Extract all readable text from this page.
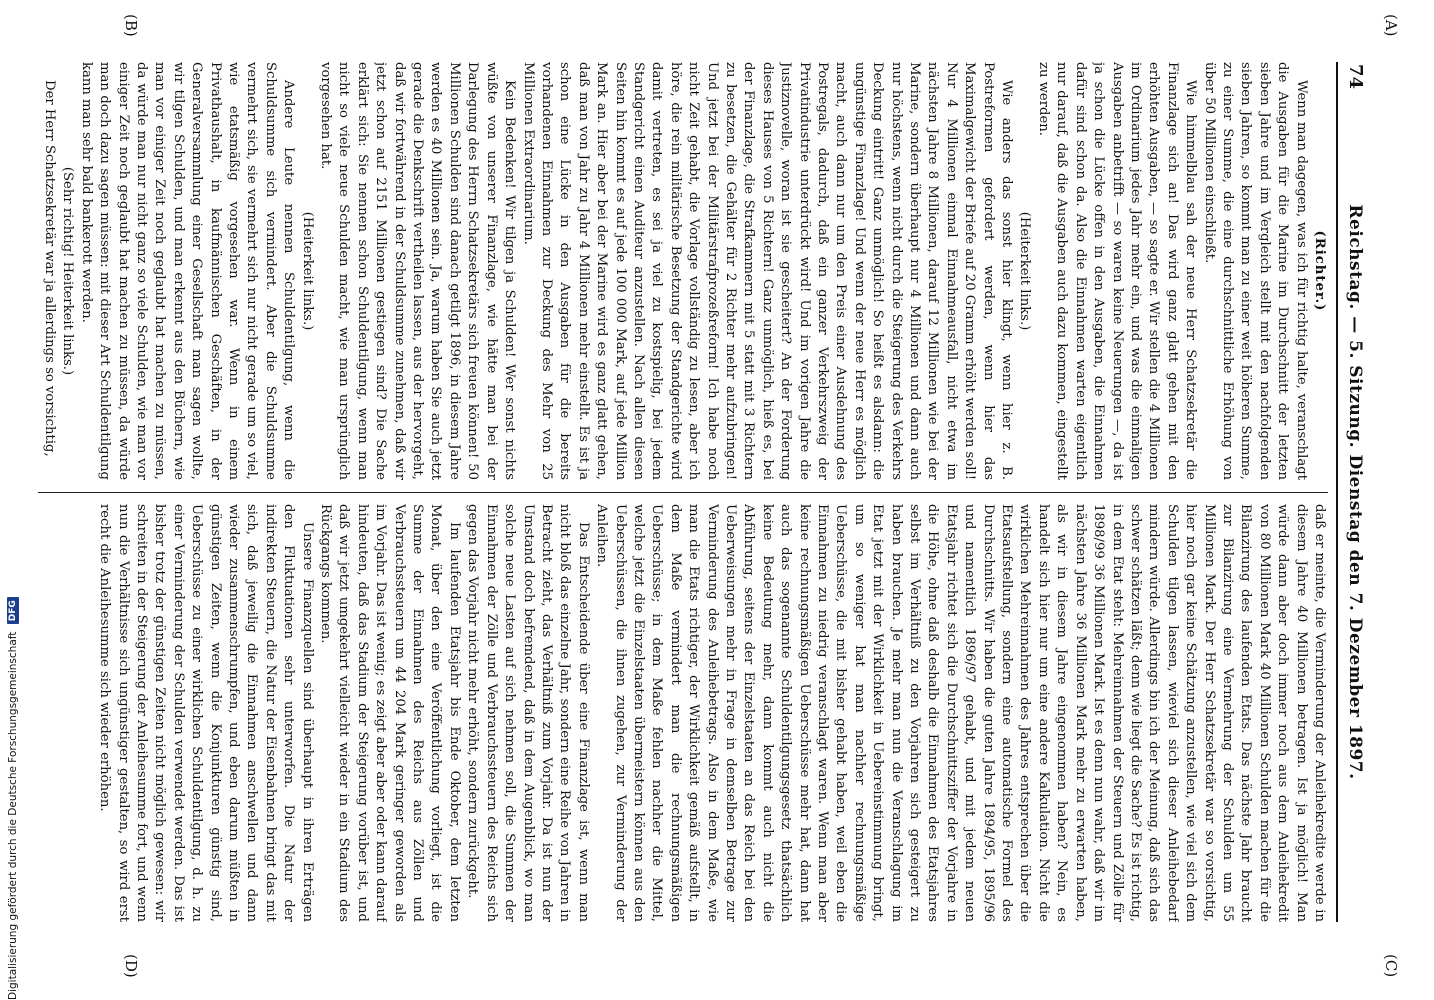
(A)
(B)
(C)
(D)
74
Reichstag. — 5. Sitzung. Dienstag den 7. Dezember 1897.

(Richter.)

Wenn man dagegen, was ich für richtig halte, veranschlagt die Ausgaben für die Marine im Durchschnitt der letzten sieben Jahre und im Vergleich stellt mit den nachfolgenden sieben Jahren, so kommt man zu einer weit höheren Summe, zu einer Summe, die eine durchschnittliche Erhöhung von über 50 Millionen einschließt.

Wie himmelblau sah der neue Herr Schatzsekretär die Finanzlage sich an! Das wird ganz glatt gehen mit den erhöhten Ausgaben, — so sagte er. Wir stellen die 4 Millionen im Ordinarium jedes Jahr mehr ein, und was die einmaligen Ausgaben anbetrifft — so waren keine Neuerungen —, da ist ja schon die Lücke offen in den Ausgaben, die Einnahmen dafür sind schon da. Also die Einnahmen warten eigentlich nur darauf, daß die Ausgaben auch dazu kommen, eingestellt zu werden.

(Heiterkeit links.)

Wie anders das sonst hier klingt, wenn hier z. B. Postreformen gefordert werden, wenn hier das Maximalgewicht der Briefe auf 20 Gramm erhöht werden soll! Nur 4 Millionen einmal Einnahmeausfall, nicht etwa im nächsten Jahre 8 Millionen, darauf 12 Millionen wie bei der Marine, sondern überhaupt nur 4 Millionen und dann auch nur höchstens, wenn nicht durch die Steigerung des Verkehrs Deckung eintritt! Ganz unmöglich! So heißt es alsdann: die ungünstige Finanzlage! Und wenn der neue Herr es möglich macht, auch dann nur um den Preis einer Ausdehnung des Postregals, dadurch, daß ein ganzer Verkehrszweig der Privatindustrie unterdrückt wird! Und im vorigen Jahre die Justiznovelle, woran ist sie gescheitert? An der Forderung dieses Hauses von 5 Richtern! Ganz unmöglich, hieß es, bei der Finanzlage, die Strafkammern mit 5 statt mit 3 Richtern zu besetzen, die Gehälter für 2 Richter mehr aufzubringen! Und jetzt bei der Militärstrafprozeßreform! Ich habe noch nicht Zeit gehabt, die Vorlage vollständig zu lesen, aber ich höre, die rein militärische Besetzung der Standgerichte wird damit vertreten, es sei ja viel zu kostspielig, bei jedem Standgericht einen Auditeur anzustellen. Nach allen diesen Seiten hin kommt es auf jede 100 000 Mark, auf jede Million Mark an. Hier aber bei der Marine wird es ganz glatt gehen, daß man von Jahr zu Jahr 4 Millionen mehr einstellt. Es ist ja schon eine Lücke in den Ausgaben für die bereits vorhandenen Einnahmen zur Deckung des Mehr von 25 Millionen Extraordinarium.

Kein Bedenken! Wir tilgen ja Schulden! Wer sonst nichts wüßte von unserer Finanzlage, wie hätte man bei der Darlegung des Herrn Schatzsekretärs sich freuen können! 50 Millionen Schulden sind danach getilgt 1896, in diesem Jahre werden es 40 Millionen sein. Ja, warum haben Sie auch jetzt gerade die Denkschrift vertheilen lassen, aus der hervorgeht, daß wir fortwährend in der Schuldsumme zunehmen, daß wir jetzt schon auf 2151 Millionen gestiegen sind? Die Sache erklärt sich: Sie nennen schon Schuldentilgung, wenn man nicht so viele neue Schulden macht, wie man ursprünglich vorgesehen hat.

(Heiterkeit links.)

Andere Leute nennen Schuldentilgung, wenn die Schuldsumme sich vermindert. Aber die Schuldsumme vermehrt sich, sie vermehrt sich nur nicht gerade um so viel, wie etatsmäßig vorgesehen war. Wenn in einem Privathaushalt, in kaufmännischen Geschäften, in der Generalversammlung einer Gesellschaft man sagen wollte, wir tilgen Schulden, und man erkennt aus den Büchern, wie man vor einiger Zeit noch geglaubt hat machen zu müssen, da würde man nur nicht ganz so viele Schulden, wie man vor einiger Zeit noch geglaubt hat machen zu müssen, da würde man doch dazu sagen müssen: mit dieser Art Schuldentilgung kann man sehr bald bankerott werden.

(Sehr richtig! Heiterkeit links.)

Der Herr Schatzsekretär war ja allerdings so vorsichtig,

daß er meinte, die Verminderung der Anleihekredite werde in diesem Jahre 40 Millionen betragen. Ist ja möglich! Man würde dann aber doch immer noch aus dem Anleihekredit von 80 Millionen Mark 40 Millionen Schulden machen für die Bilanzirung des laufenden Etats. Das nächste Jahr braucht zur Bilanzirung eine Vermehrung der Schulden um 55 Millionen Mark. Der Herr Schatzsekretär war so vorsichtig, hier noch gar keine Schätzung anzustellen, wie viel sich dem Schulden tilgen lassen, wieviel sich dieser Anleihebedarf mindern würde. Allerdings bin ich der Meinung, daß sich das schwer schätzen läßt; denn wie liegt die Sache? Es ist richtig, in dem Etat steht: Mehreinnahmen der Steuern und Zölle für 1898/99 36 Millionen Mark. Ist es denn nun wahr, daß wir im nächsten Jahre 36 Millionen Mark mehr zu erwarten haben, als wir in diesem Jahre eingenommen haben? Nein, es handelt sich hier nur um eine andere Kalkulation. Nicht die wirklichen Mehreinnahmen des Jahres entsprechen über die Etatsaufstellung, sondern eine automatische Formel des Durchschnitts. Wir haben die guten Jahre 1894/95, 1895/96 und namentlich 1896/97 gehabt, und mit jedem neuen Etatsjahr richtet sich die Durchschnittsziffer der Vorjahre in die Höhe, ohne daß deshalb die Einnahmen des Etatsjahres selbst im Verhältniß zu den Vorjahren sich gesteigert zu haben brauchen. Je mehr man nun die Veranschlagung im Etat jetzt mit der Wirklichkeit in Uebereinstimmung bringt, um so weniger hat man nachher rechnungsmäßige Ueberschüsse, die mit bisher gehabt haben, weil eben die Einnahmen zu niedrig veranschlagt waren. Wenn man aber keine rechnungsmäßigen Ueberschüsse mehr hat, dann hat auch das sogenannte Schuldentilgungsgesetz thatsächlich keine Bedeutung mehr, dann kommt auch nicht die Abführung, seitens der Einzelstaaten an das Reich bei den Ueberweisungen mehr in Frage in demselben Betrage zur Verminderung des Anleihebetrags. Also in dem Maße, wie man die Etats richtiger, der Wirklichkeit gemäß aufstellt, in dem Maße vermindert man die rechnungsmäßigen Ueberschüsse; in dem Maße fehlen nachher die Mittel, welche jetzt die Einzelstaaten übermeistern können aus den Ueberschüssen, die ihnen zugehen, zur Verminderung der Anleihen.

Das Entscheidende über eine Finanzlage ist, wenn man nicht bloß das einzelne Jahr, sondern eine Reihe von Jahren in Betracht zieht, das Verhältniß zum Vorjahr. Da ist nun der Umstand doch befremdend, daß in dem Augenblick, wo man solche neue Lasten auf sich nehmen soll, die Summen der Einnahmen der Zölle und Verbrauchssteuern des Reichs sich gegen das Vorjahr nicht mehr erhöht, sondern zurückgeht.

Im laufenden Etatsjahr bis Ende Oktober, dem letzten Monat, über den eine Veröffentlichung vorliegt, ist die Summe der Einnahmen des Reichs aus Zöllen und Verbrauchssteuern um 44 204 Mark geringer geworden als im Vorjahr. Das ist wenig; es zeigt aber aber oder kann darauf hindeuten, daß das Stadium der Steigerung vorüber ist, und daß wir jetzt umgekehrt vielleicht wieder in ein Stadium des Rückgangs kommen.

Unsere Finanzquellen sind überhaupt in ihren Erträgen den Fluktuationen sehr unterworfen. Die Natur der indirekten Steuern, die Natur der Eisenbahnen bringt das mit sich, daß jeweilig die Einnahmen anschwellen und dann wieder zusammenschrumpfen, und eben darum müßten in günstigen Zeiten, wenn die Konjunkturen günstig sind, Ueberschüsse zu einer wirklichen Schuldentilgung, d. h. zu einer Verminderung der Schulden verwendet werden. Das ist bisher trotz der günstigen Zeiten nicht möglich gewesen: wir schreiten in der Steigerung der Anleihesumme fort, und wenn nun die Verhältnisse sich ungünstiger gestalten, so wird erst recht die Anleihesumme sich wieder erhöhen.

Digitalisierung gefördert durch die Deutsche Forschungsgemeinschaft DFG
